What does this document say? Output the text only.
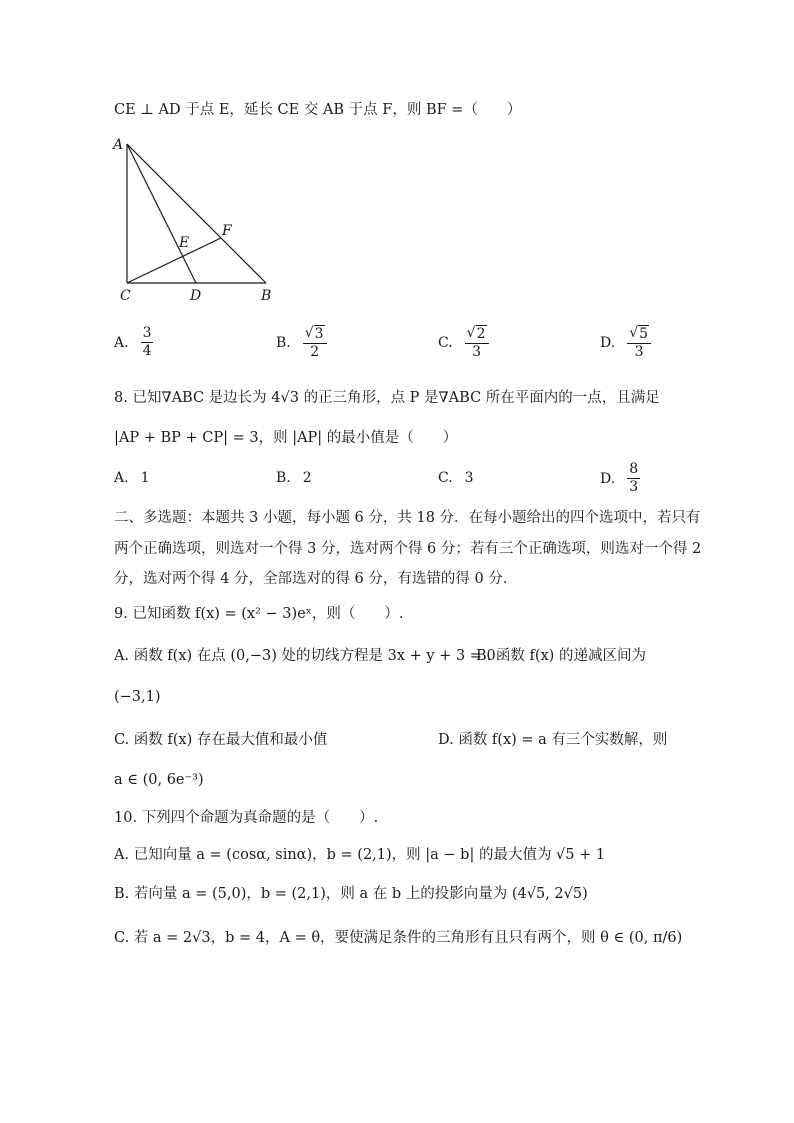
CE ⊥ AD 于点 E，延长 CE 交 AB 于点 F，则 BF =（　　）
A
C	D	B
E
F
A. $\frac{3}{4}$	B. $\frac{√ 3}{2}$	C. $\frac{√ 2}{3}$	D. $\frac{√ 5}{3}$
8. 已知∇ABC 是边长为 4√3 的正三角形，点 P 是∇ABC 所在平面内的一点，且满足
|AP + BP + CP| = 3，则 |AP| 的最小值是（　　）
A. 1	B. 2	C. 3	D. $\frac{8}{3}$
二、多选题：本题共 3 小题，每小题 6 分，共 18 分．在每小题给出的四个选项中，若只有
两个正确选项，则选对一个得 3 分，选对两个得 6 分；若有三个正确选项，则选对一个得 2
分，选对两个得 4 分，全部选对的得 6 分，有选错的得 0 分．
9. 已知函数 f(x) = (x² − 3)eˣ，则（　　）.
A. 函数 f(x) 在点 (0,−3) 处的切线方程是 3x + y + 3 = 0
B. 函数 f(x) 的递减区间为
(−3,1)
C. 函数 f(x) 存在最大值和最小值	D. 函数 f(x) = a 有三个实数解，则
a ∈ (0, 6e⁻³)
10. 下列四个命题为真命题的是（　　）.
A. 已知向量 a = (cosα, sinα)，b = (2,1)，则 |a − b| 的最大值为 √5 + 1
B. 若向量 a = (5,0)，b = (2,1)，则 a 在 b 上的投影向量为 (4√5, 2√5)
C. 若 a = 2√3，b = 4，A = θ，要使满足条件的三角形有且只有两个，则 θ ∈ (0, π/6)
